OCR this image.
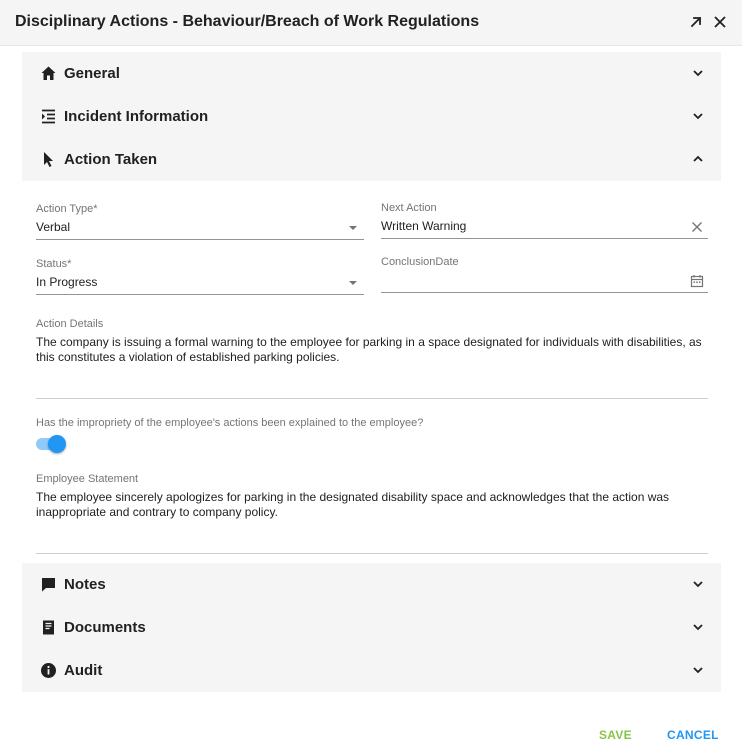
Disciplinary Actions - Behaviour/Breach of Work Regulations
General
Incident Information
Action Taken
Action Type*
Verbal
Next Action
Written Warning
Status*
In Progress
ConclusionDate
Action Details
The company is issuing a formal warning to the employee for parking in a space designated for individuals with disabilities, as this constitutes a violation of established parking policies.
Has the impropriety of the employee's actions been explained to the employee?
Employee Statement
The employee sincerely apologizes for parking in the designated disability space and acknowledges that the action was inappropriate and contrary to company policy.
Notes
Documents
Audit
SAVE	CANCEL
